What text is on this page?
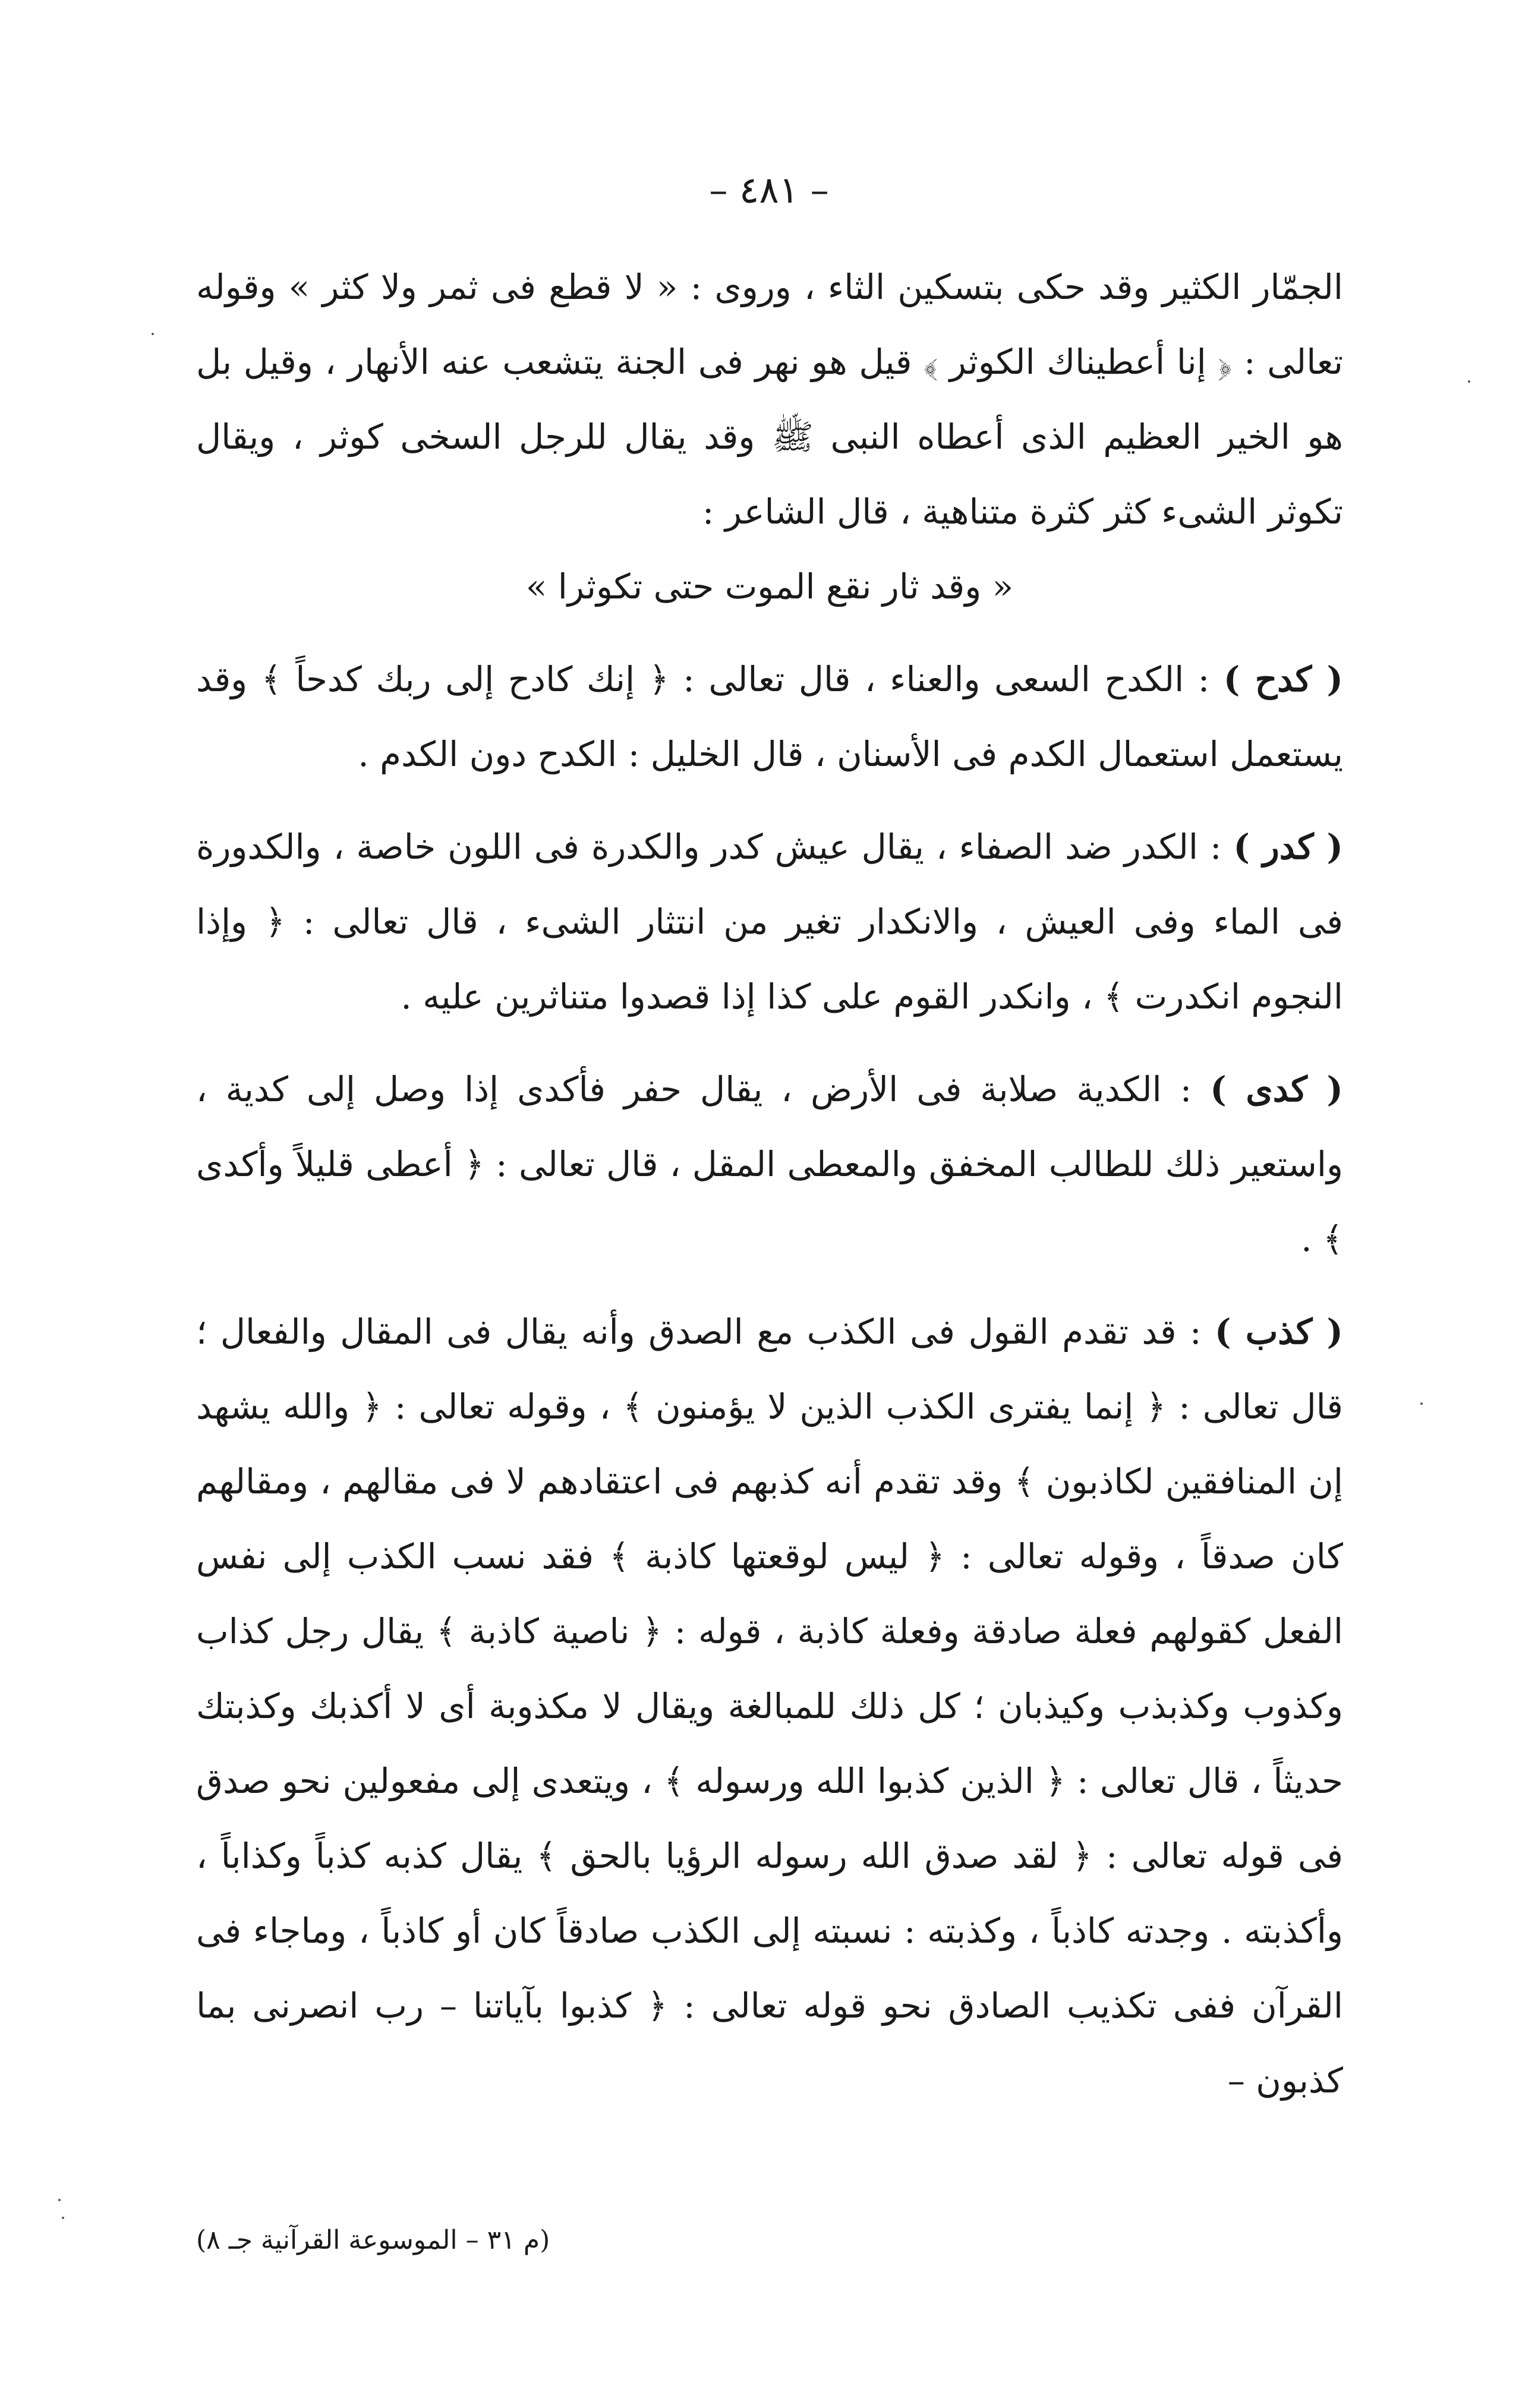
– ٤٨١ –

الجمّار الكثير وقد حكى بتسكين الثاء ، وروى : « لا قطع فى ثمر ولا كثر » وقوله تعالى : ﴿ إنا أعطيناك الكوثر ﴾ قيل هو نهر فى الجنة يتشعب عنه الأنهار ، وقيل بل هو الخير العظيم الذى أعطاه النبى ﷺ وقد يقال للرجل السخى كوثر ، ويقال تكوثر الشىء كثر كثرة متناهية ، قال الشاعر :

« وقد ثار نقع الموت حتى تكوثرا »

( كدح ) : الكدح السعى والعناء ، قال تعالى : ﴿ إنك كادح إلى ربك كدحاً ﴾ وقد يستعمل استعمال الكدم فى الأسنان ، قال الخليل : الكدح دون الكدم .

( كدر ) : الكدر ضد الصفاء ، يقال عيش كدر والكدرة فى اللون خاصة ، والكدورة فى الماء وفى العيش ، والانكدار تغير من انتثار الشىء ، قال تعالى : ﴿ وإذا النجوم انكدرت ﴾ ، وانكدر القوم على كذا إذا قصدوا متناثرين عليه .

( كدى ) : الكدية صلابة فى الأرض ، يقال حفر فأكدى إذا وصل إلى كدية ، واستعير ذلك للطالب المخفق والمعطى المقل ، قال تعالى : ﴿ أعطى قليلاً وأكدى ﴾ .

( كذب ) : قد تقدم القول فى الكذب مع الصدق وأنه يقال فى المقال والفعال ؛ قال تعالى : ﴿ إنما يفترى الكذب الذين لا يؤمنون ﴾ ، وقوله تعالى : ﴿ والله يشهد إن المنافقين لكاذبون ﴾ وقد تقدم أنه كذبهم فى اعتقادهم لا فى مقالهم ، ومقالهم كان صدقاً ، وقوله تعالى : ﴿ ليس لوقعتها كاذبة ﴾ فقد نسب الكذب إلى نفس الفعل كقولهم فعلة صادقة وفعلة كاذبة ، قوله : ﴿ ناصية كاذبة ﴾ يقال رجل كذاب وكذوب وكذبذب وكيذبان ؛ كل ذلك للمبالغة ويقال لا مكذوبة أى لا أكذبك وكذبتك حديثاً ، قال تعالى : ﴿ الذين كذبوا الله ورسوله ﴾ ، ويتعدى إلى مفعولين نحو صدق فى قوله تعالى : ﴿ لقد صدق الله رسوله الرؤيا بالحق ﴾ يقال كذبه كذباً وكذاباً ، وأكذبته . وجدته كاذباً ، وكذبته : نسبته إلى الكذب صادقاً كان أو كاذباً ، وماجاء فى القرآن ففى تكذيب الصادق نحو قوله تعالى : ﴿ كذبوا بآياتنا – رب انصرنى بما كذبون –

(م ٣١ – الموسوعة القرآنية جـ ٨)
